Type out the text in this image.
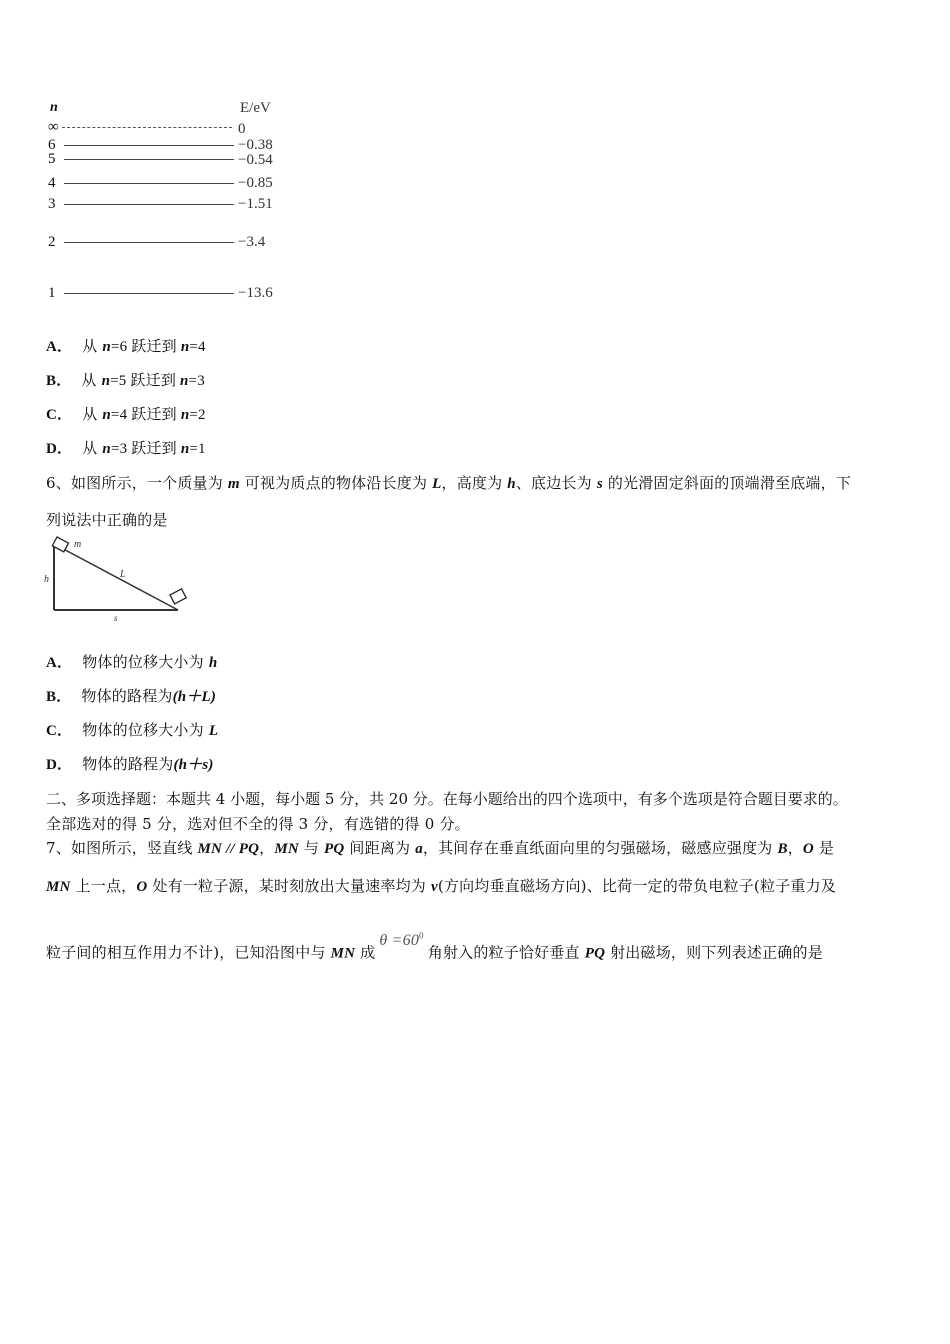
n	E/eV
∞	0
6	−0.38
5	−0.54
4	−0.85
3	−1.51
2	−3.4
1	−13.6
A． 从 n=6 跃迁到 n=4
B． 从 n=5 跃迁到 n=3
C． 从 n=4 跃迁到 n=2
D． 从 n=3 跃迁到 n=1
6、如图所示，一个质量为 m 可视为质点的物体沿长度为 L，高度为 h、底边长为 s 的光滑固定斜面的顶端滑至底端，下
列说法中正确的是
m
L
h
s
A． 物体的位移大小为 h
B． 物体的路程为(h＋L)
C． 物体的位移大小为 L
D． 物体的路程为(h＋s)
二、多项选择题：本题共 4 小题，每小题 5 分，共 20 分。在每小题给出的四个选项中，有多个选项是符合题目要求的。
全部选对的得 5 分，选对但不全的得 3 分，有选错的得 0 分。
7、如图所示，竖直线 MN // PQ，MN 与 PQ 间距离为 a，其间存在垂直纸面向里的匀强磁场，磁感应强度为 B，O 是
MN 上一点，O 处有一粒子源，某时刻放出大量速率均为 v(方向均垂直磁场方向)、比荷一定的带负电粒子(粒子重力及
粒子间的相互作用力不计)，已知沿图中与 MN 成$\theta =60^0$角射入的粒子恰好垂直 PQ 射出磁场，则下列表述正确的是
